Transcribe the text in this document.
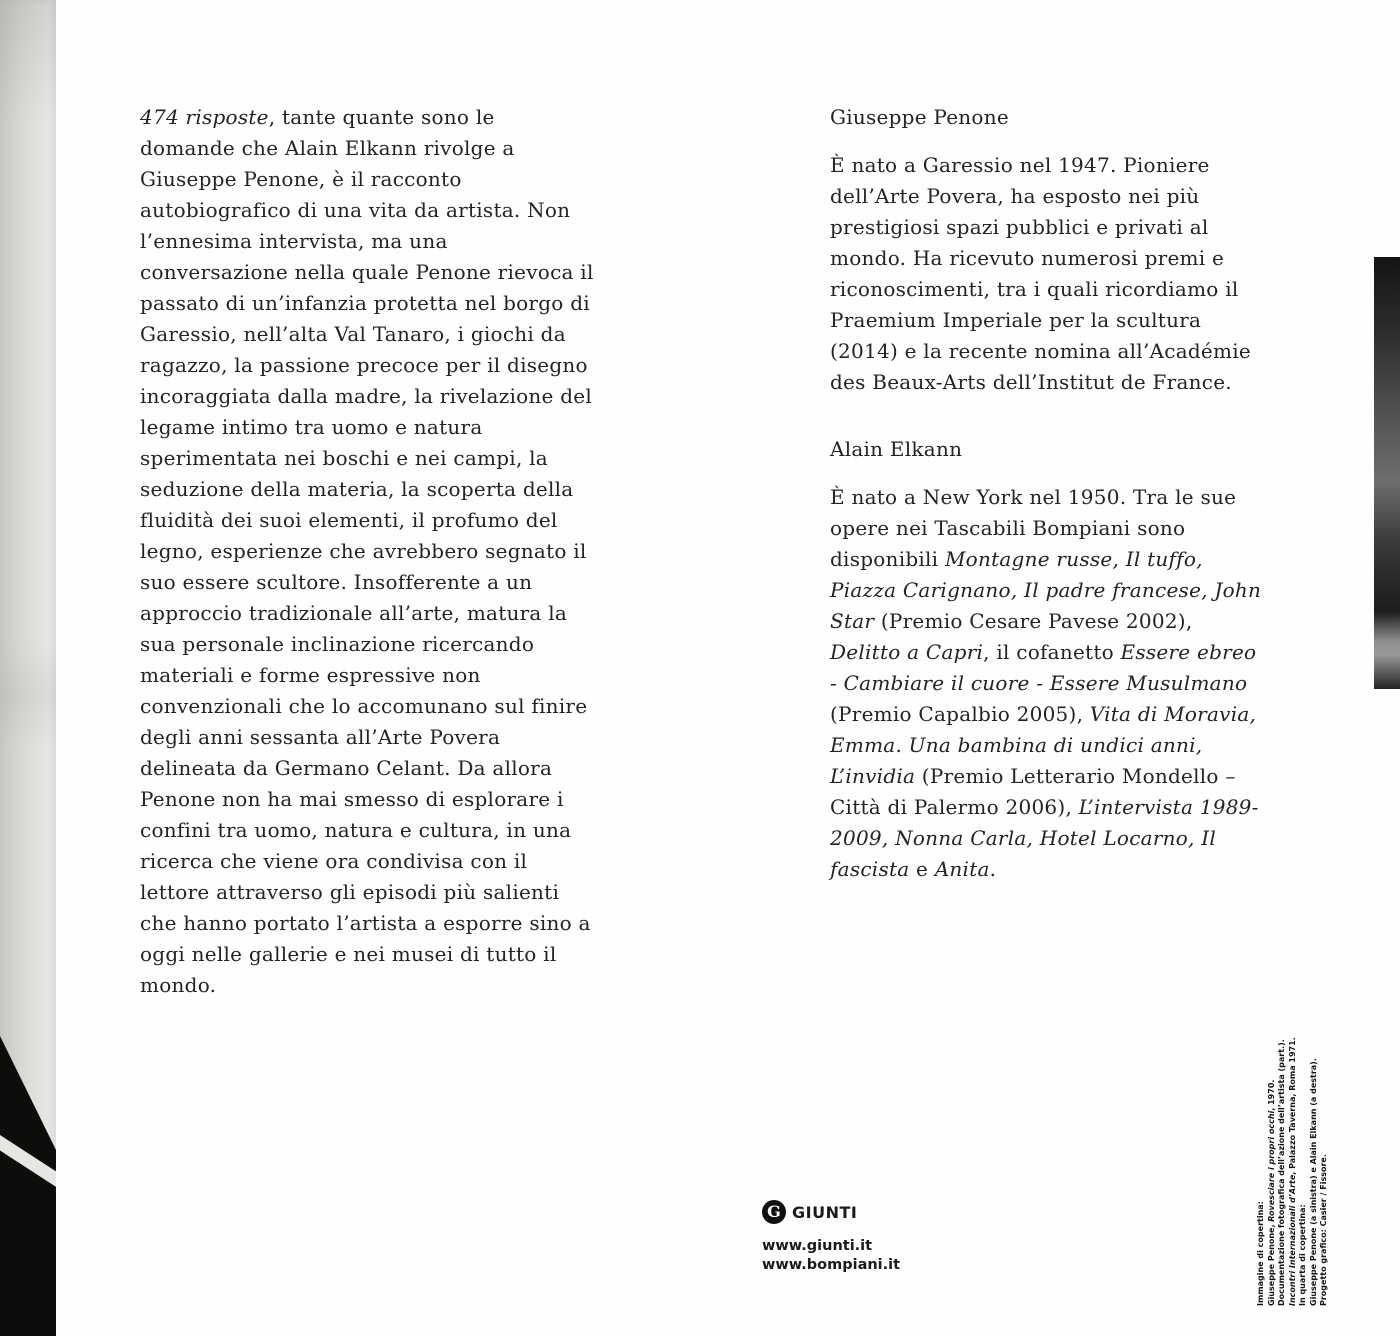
474 risposte, tante quante sono le domande che Alain Elkann rivolge a Giuseppe Penone, è il racconto autobiografico di una vita da artista. Non l’ennesima intervista, ma una conversazione nella quale Penone rievoca il passato di un’infanzia protetta nel borgo di Garessio, nell’alta Val Tanaro, i giochi da ragazzo, la passione precoce per il disegno incoraggiata dalla madre, la rivelazione del legame intimo tra uomo e natura sperimentata nei boschi e nei campi, la seduzione della materia, la scoperta della fluidità dei suoi elementi, il profumo del legno, esperienze che avrebbero segnato il suo essere scultore. Insofferente a un approccio tradizionale all’arte, matura la sua personale inclinazione ricercando materiali e forme espressive non convenzionali che lo accomunano sul finire degli anni sessanta all’Arte Povera delineata da Germano Celant. Da allora Penone non ha mai smesso di esplorare i confini tra uomo, natura e cultura, in una ricerca che viene ora condivisa con il lettore attraverso gli episodi più salienti che hanno portato l’artista a esporre sino a oggi nelle gallerie e nei musei di tutto il mondo.
Giuseppe Penone
È nato a Garessio nel 1947. Pioniere dell’Arte Povera, ha esposto nei più prestigiosi spazi pubblici e privati al mondo. Ha ricevuto numerosi premi e riconoscimenti, tra i quali ricordiamo il Praemium Imperiale per la scultura (2014) e la recente nomina all’Académie des Beaux-Arts dell’Institut de France.
Alain Elkann
È nato a New York nel 1950. Tra le sue opere nei Tascabili Bompiani sono disponibili Montagne russe, Il tuffo, Piazza Carignano, Il padre francese, John Star (Premio Cesare Pavese 2002), Delitto a Capri, il cofanetto Essere ebreo - Cambiare il cuore - Essere Musulmano (Premio Capalbio 2005), Vita di Moravia, Emma. Una bambina di undici anni, L’invidia (Premio Letterario Mondello – Città di Palermo 2006), L’intervista 1989-2009, Nonna Carla, Hotel Locarno, Il fascista e Anita.
G GIUNTI
www.giunti.it
www.bompiani.it	Immagine di copertina: Giuseppe Penone, Rovesciare i propri occhi, 1970. Documentazione fotografica dell’azione dell’artista (part.). Incontri Internazionali d’Arte, Palazzo Taverna, Roma 1971.
In quarta di copertina: Giuseppe Penone (a sinistra) e Alain Elkann (a destra). Progetto grafico: Casier / Fissore.
